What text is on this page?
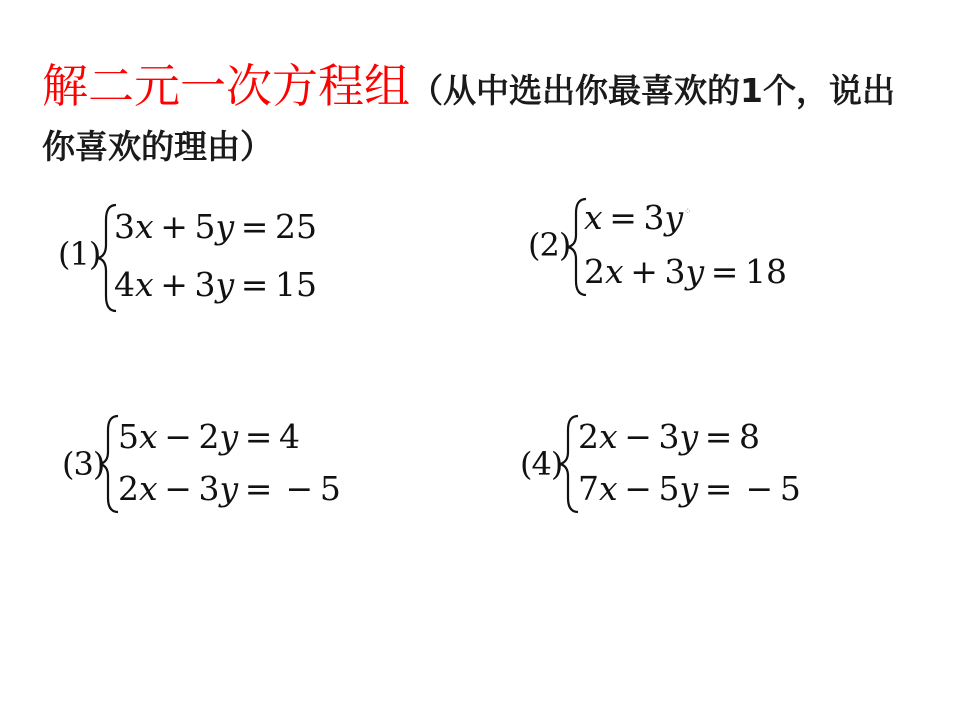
解二元一次方程组（从中选出你最喜欢的1个，说出你喜欢的理由）
(1)
3x + 5y = 25
4x + 3y = 15
(2)
x = 3y ⁘
2x + 3y = 18
(3)
5x − 2y = 4
2x − 3y =  − 5
(4)
2x − 3y = 8
7x − 5y =  − 5
